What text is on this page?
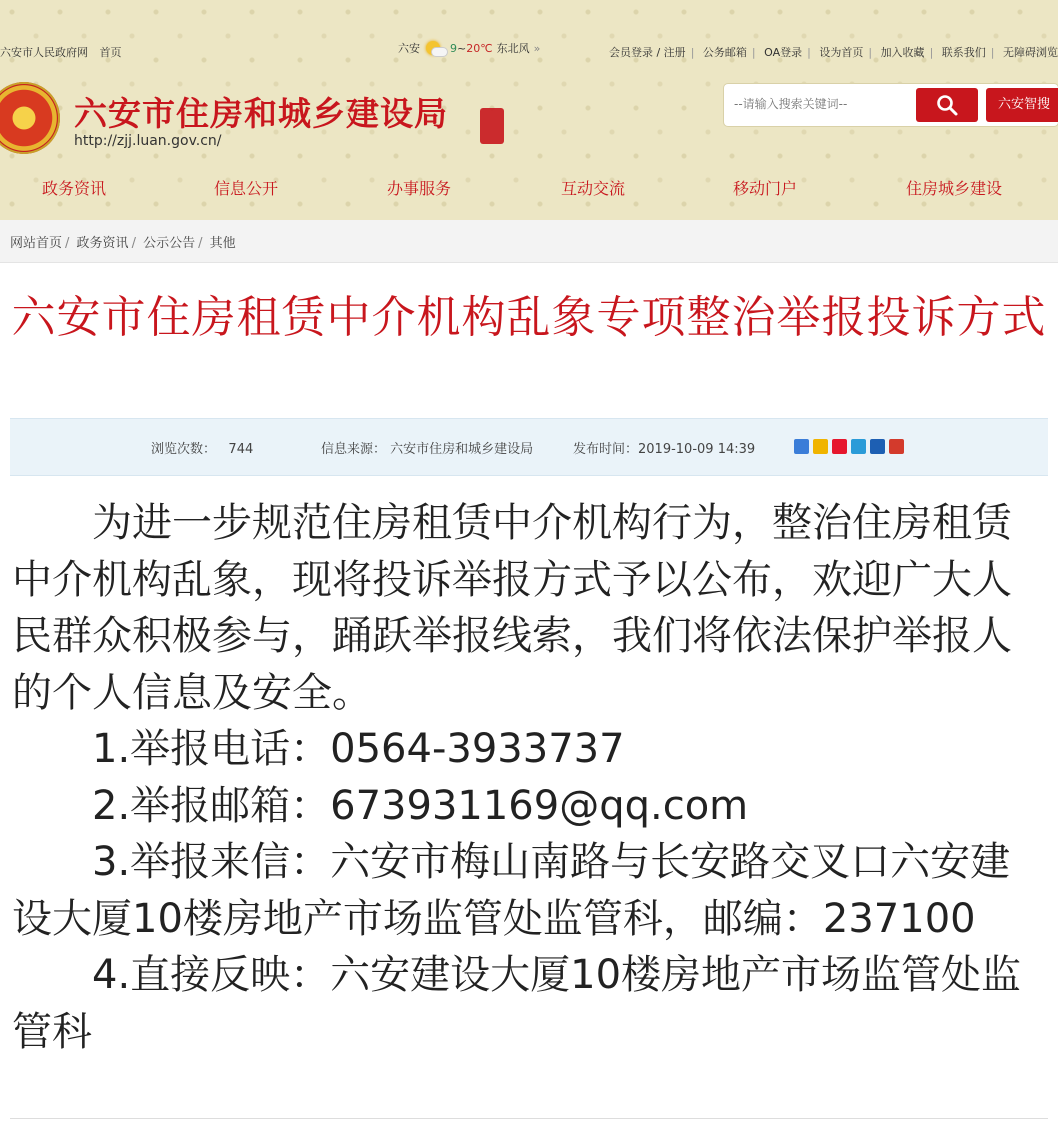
六安市人民政府网 首页	六安	9~20℃ 东北风 »	会员登录 / 注册 | 公务邮箱 | OA登录 | 设为首页 | 加入收藏 | 联系我们 | 无障碍浏览
六安市住房和城乡建设局
http://zjj.luan.gov.cn/
--请输入搜索关键词--
六安智搜
政务资讯	信息公开	办事服务	互动交流	移动门户	住房城乡建设
网站首页 / 政务资讯 / 公示公告 / 其他
六安市住房租赁中介机构乱象专项整治举报投诉方式
浏览次数： 744	信息来源： 六安市住房和城乡建设局	发布时间：2019-10-09 14:39

为进一步规范住房租赁中介机构行为，整治住房租赁中介机构乱象，现将投诉举报方式予以公布，欢迎广大人民群众积极参与，踊跃举报线索，我们将依法保护举报人的个人信息及安全。

1.举报电话：0564-3933737

2.举报邮箱：673931169@qq.com

3.举报来信：六安市梅山南路与长安路交叉口六安建设大厦10楼房地产市场监管处监管科，邮编：237100

4.直接反映：六安建设大厦10楼房地产市场监管处监管科
